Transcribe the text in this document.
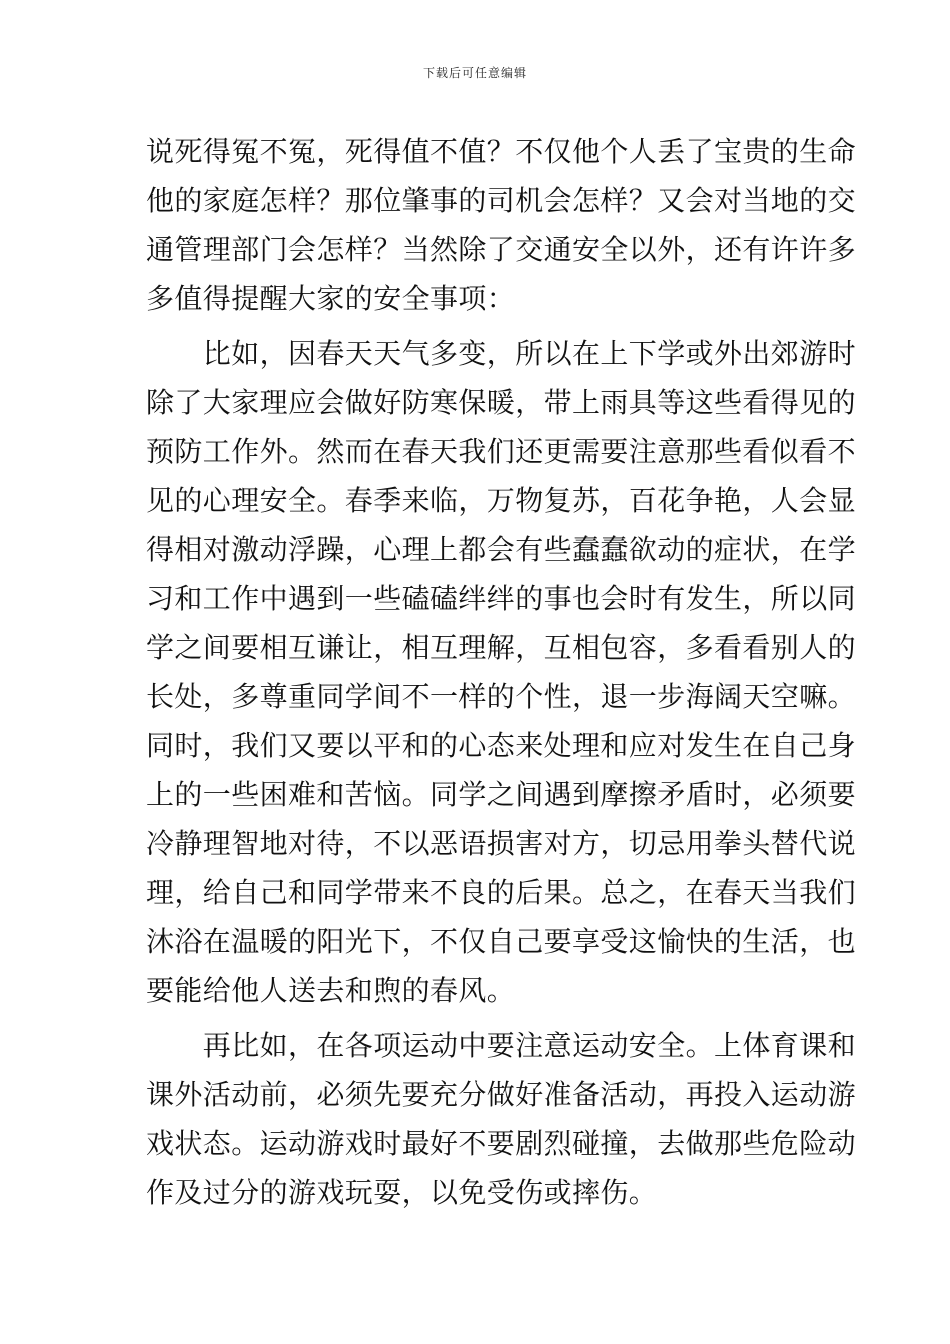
下载后可任意编辑
说死得冤不冤，死得值不值？不仅他个人丢了宝贵的生命
他的家庭怎样？那位肇事的司机会怎样？又会对当地的交
通管理部门会怎样？当然除了交通安全以外，还有许许多
多值得提醒大家的安全事项：
　　比如，因春天天气多变，所以在上下学或外出郊游时
除了大家理应会做好防寒保暖，带上雨具等这些看得见的
预防工作外。然而在春天我们还更需要注意那些看似看不
见的心理安全。春季来临，万物复苏，百花争艳，人会显
得相对激动浮躁，心理上都会有些蠢蠢欲动的症状，在学
习和工作中遇到一些磕磕绊绊的事也会时有发生，所以同
学之间要相互谦让，相互理解，互相包容，多看看别人的
长处，多尊重同学间不一样的个性，退一步海阔天空嘛。
同时，我们又要以平和的心态来处理和应对发生在自己身
上的一些困难和苦恼。同学之间遇到摩擦矛盾时，必须要
冷静理智地对待，不以恶语损害对方，切忌用拳头替代说
理，给自己和同学带来不良的后果。总之，在春天当我们
沐浴在温暖的阳光下，不仅自己要享受这愉快的生活，也
要能给他人送去和煦的春风。
　　再比如，在各项运动中要注意运动安全。上体育课和
课外活动前，必须先要充分做好准备活动，再投入运动游
戏状态。运动游戏时最好不要剧烈碰撞，去做那些危险动
作及过分的游戏玩耍，以免受伤或摔伤。
